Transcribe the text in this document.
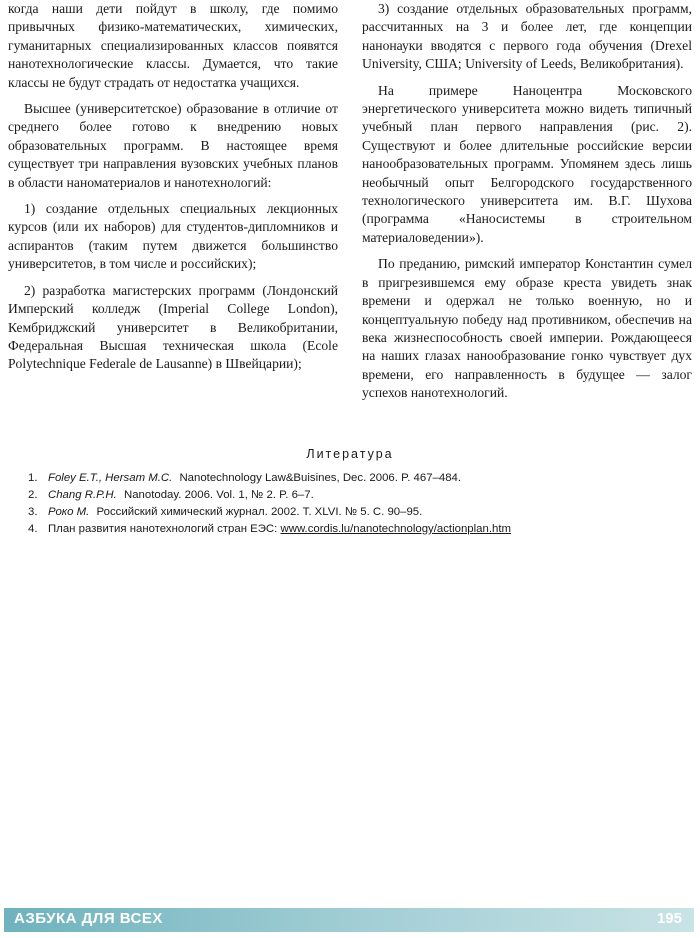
когда наши дети пойдут в школу, где помимо привычных физико-математических, химических, гуманитарных специализированных классов появятся нанотехнологические классы. Думается, что такие классы не будут страдать от недостатка учащихся.

Высшее (университетское) образование в отличие от среднего более готово к внедрению новых образовательных программ. В настоящее время существует три направления вузовских учебных планов в области наноматериалов и нанотехнологий:

1) создание отдельных специальных лекционных курсов (или их наборов) для студентов-дипломников и аспирантов (таким путем движется большинство университетов, в том числе и российских);

2) разработка магистерских программ (Лондонский Имперский колледж (Imperial College London), Кембриджский университет в Великобритании, Федеральная Высшая техническая школа (Ecole Polytechnique Federale de Lausanne) в Швейцарии);

3) создание отдельных образовательных программ, рассчитанных на 3 и более лет, где концепции нанонауки вводятся с первого года обучения (Drexel University, США; University of Leeds, Великобритания).

На примере Наноцентра Московского энергетического университета можно видеть типичный учебный план первого направления (рис. 2). Существуют и более длительные российские версии нанообразовательных программ. Упомянем здесь лишь необычный опыт Белгородского государственного технологического университета им. В.Г. Шухова (программа «Наносистемы в строительном материаловедении»).

По преданию, римский император Константин сумел в пригрезившемся ему образе креста увидеть знак времени и одержал не только военную, но и концептуальную победу над противником, обеспечив на века жизнеспособность своей империи. Рождающееся на наших глазах нанообразование гонко чувствует дух времени, его направленность в будущее — залог успехов нанотехнологий.

Литература
1. Foley E.T., Hersam M.C. Nanotechnology Law&Buisines, Dec. 2006. P. 467–484.
2. Chang R.P.H. Nanotoday. 2006. Vol. 1, № 2. P. 6–7.
3. Роко М. Российский химический журнал. 2002. Т. XLVI. № 5. С. 90–95.
4. План развития нанотехнологий стран ЕЭС: www.cordis.lu/nanotechnology/actionplan.htm
АЗБУКА ДЛЯ ВСЕХ	195
